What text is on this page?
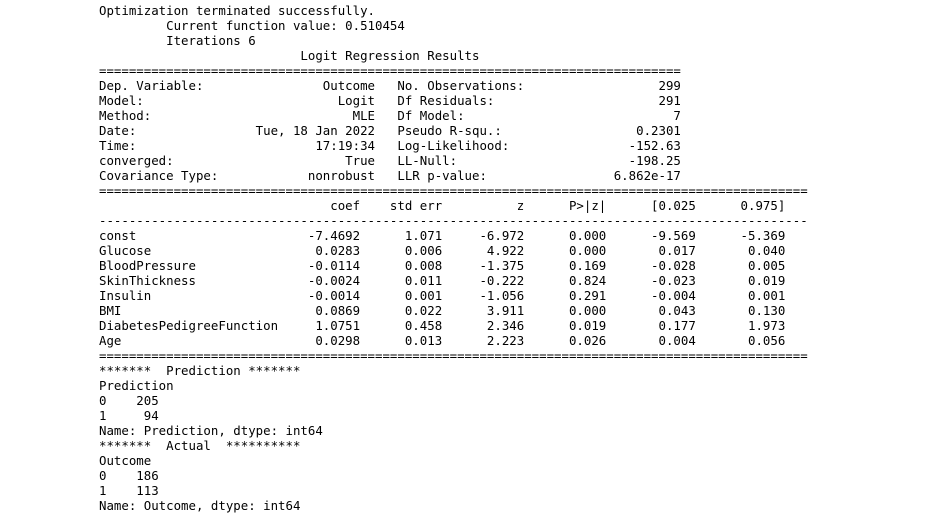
Optimization terminated successfully.
Current function value: 0.510454
Iterations 6
Logit Regression Results
==============================================================================
Dep. Variable:                Outcome   No. Observations:                  299
Model:                          Logit   Df Residuals:                      291
Method:                           MLE   Df Model:                            7
Date:                Tue, 18 Jan 2022   Pseudo R-squ.:                  0.2301
Time:                        17:19:34   Log-Likelihood:                -152.63
converged:                       True   LL-Null:                       -198.25
Covariance Type:            nonrobust   LLR p-value:                 6.862e-17
===============================================================================================
coef    std err          z      P>|z|      [0.025      0.975]
-----------------------------------------------------------------------------------------------
const                       -7.4692      1.071     -6.972      0.000      -9.569      -5.369
Glucose                      0.0283      0.006      4.922      0.000       0.017       0.040
BloodPressure               -0.0114      0.008     -1.375      0.169      -0.028       0.005
SkinThickness               -0.0024      0.011     -0.222      0.824      -0.023       0.019
Insulin                     -0.0014      0.001     -1.056      0.291      -0.004       0.001
BMI                          0.0869      0.022      3.911      0.000       0.043       0.130
DiabetesPedigreeFunction     1.0751      0.458      2.346      0.019       0.177       1.973
Age                          0.0298      0.013      2.223      0.026       0.004       0.056
===============================================================================================
*******  Prediction *******
Prediction
0    205
1     94
Name: Prediction, dtype: int64
*******  Actual  **********
Outcome
0    186
1    113
Name: Outcome, dtype: int64
